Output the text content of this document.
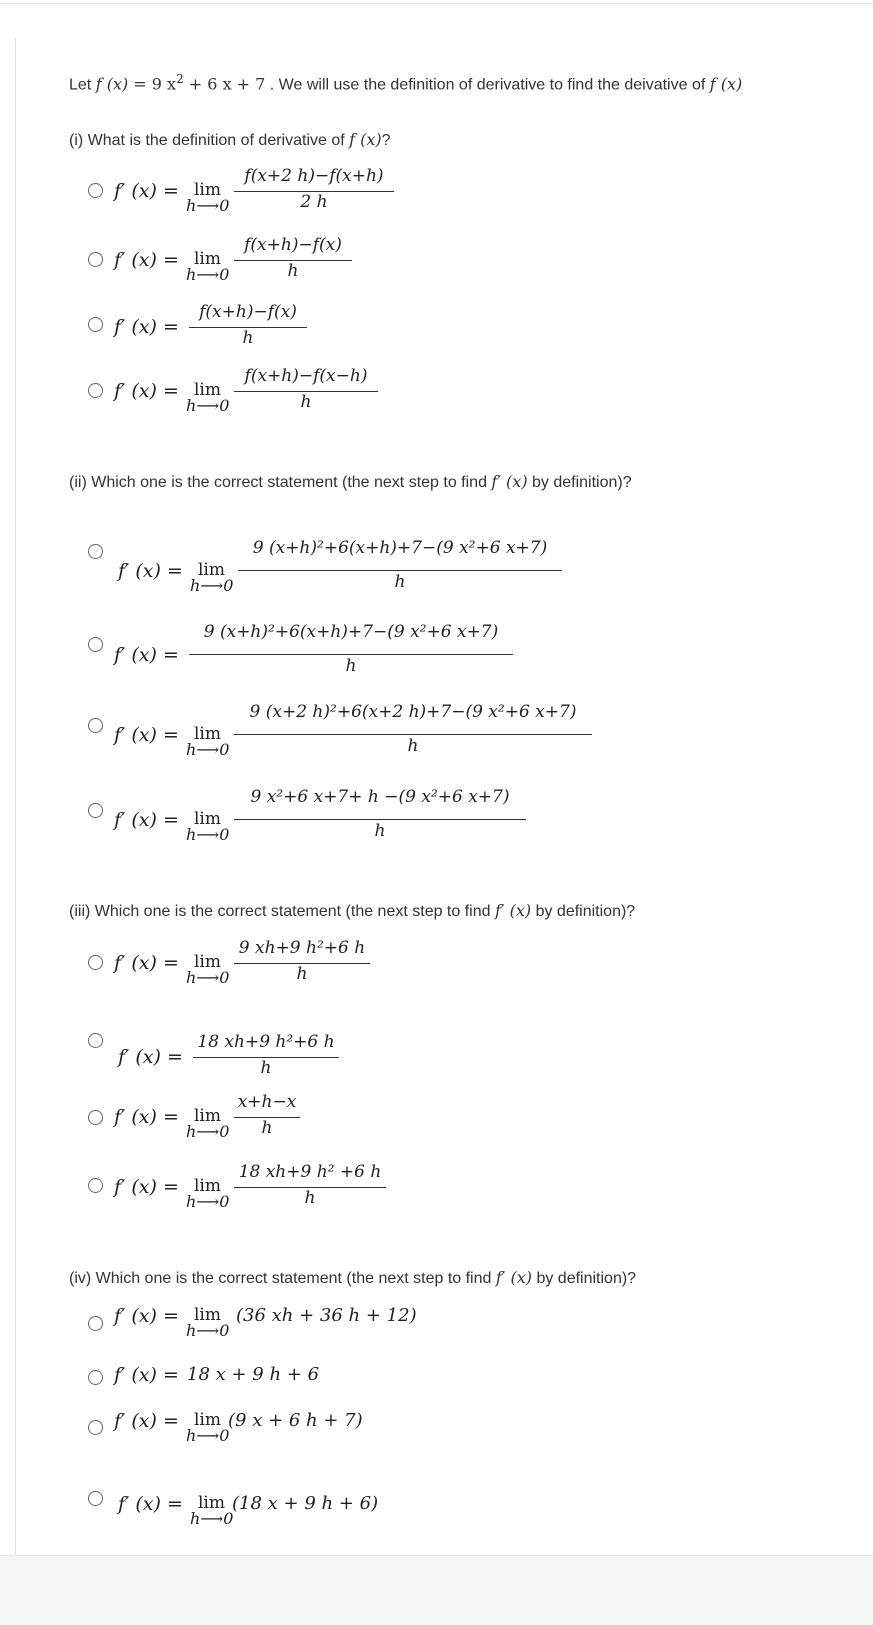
Let f (x) = 9 $x^2 + 6$ x + 7 . We will use the definition of derivative to find the deivative of f (x)
(i) What is the definition of derivative of f (x)?
f′ (x) = lim
h⟶0
f(x+2 h)−f(x+h)
2 h
f′ (x) = lim
h⟶0
f(x+h)−f(x)
h
f′ (x) =
f(x+h)−f(x)
h
f′ (x) = lim
h⟶0
f(x+h)−f(x−h)
h
(ii) Which one is the correct statement (the next step to find f′ (x) by definition)?
f′ (x) = lim
h⟶0
9 (x+h)²+6(x+h)+7−(9 x²+6 x+7)
h
f′ (x) =
9 (x+h)²+6(x+h)+7−(9 x²+6 x+7)
h
f′ (x) = lim
h⟶0
9 (x+2 h)²+6(x+2 h)+7−(9 x²+6 x+7)
h
f′ (x) = lim
h⟶0
9 x²+6 x+7+ h −(9 x²+6 x+7)
h
(iii) Which one is the correct statement (the next step to find f′ (x) by definition)?
f′ (x) = lim
h⟶0
9 xh+9 h²+6 h
h
f′ (x) =
18 xh+9 h²+6 h
h
f′ (x) = lim
h⟶0
x+h−x
h
f′ (x) = lim
h⟶0
18 xh+9 h² +6 h
h
(iv) Which one is the correct statement (the next step to find f′ (x) by definition)?
f′ (x) = lim
h⟶0
(36 xh + 36 h + 12)
f′ (x) = 18 x + 9 h + 6
f′ (x) = lim
h⟶0
(9 x + 6 h + 7)
f′ (x) = lim
h⟶0
(18 x + 9 h + 6)
